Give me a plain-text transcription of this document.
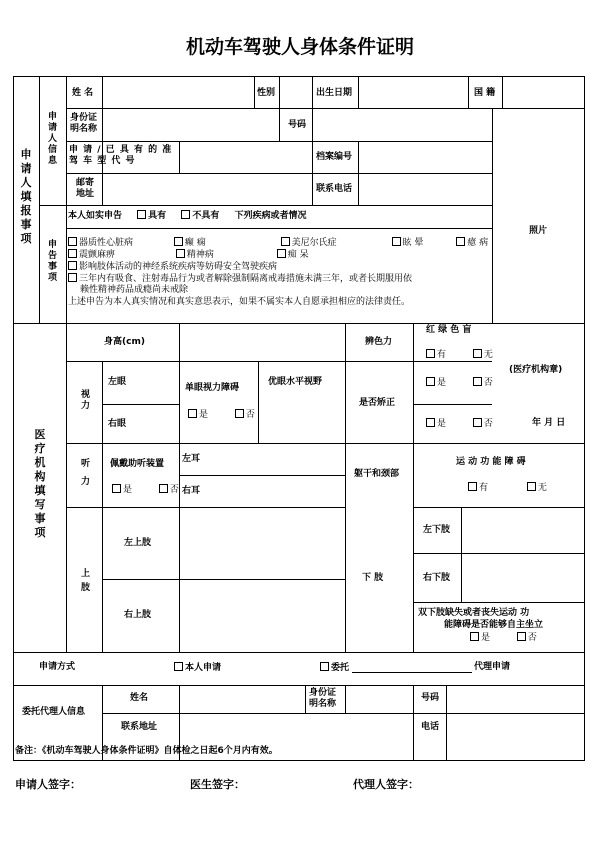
机动车驾驶人身体条件证明
申请人填报事项
申请人信息
申告事项
医疗机构填写事项
姓 名	性别	出生日期	国 籍
身份证明名称	号码
申 请 / 已 具 有 的 准 驾 车 型 代 号	档案编号
邮寄地址	联系电话
照片
本人如实申告	具有	不具有 下列疾病或者情况
器质性心脏病	癫 痫	美尼尔氏症	眩 晕	癔 病
震颤麻痹	精神病	痴 呆
影响肢体活动的神经系统疾病等妨碍安全驾驶疾病
三年内有吸食、注射毒品行为或者解除强制隔离戒毒措施未满三年，或者长期服用依
赖性精神药品成瘾尚未戒除
上述申告为本人真实情况和真实意思表示，如果不属实本人自愿承担相应的法律责任。
身高(cm)	辨色力
红 绿 色 盲
有	无
(医疗机构章)
年 月 日
视力
左眼
右眼
单眼视力障碍
是	否
优眼水平视野
是否矫正
是	否
是	否
听力
佩戴助听装置
是	否
左耳
右耳
躯干和颈部
运 动 功 能 障 碍
有	无
上肢
左上肢
右上肢
下 肢
左下肢
右下肢
双下肢缺失或者丧失运动 功
能障碍是否能够自主坐立
是	否
申请方式	本人申请	委托	代理申请
委托代理人信息
姓名	身份证明名称
号码
联系地址	电话
备注：《机动车驾驶人身体条件证明》自体检之日起6个月内有效。
申请人签字：	医生签字：	代理人签字：
